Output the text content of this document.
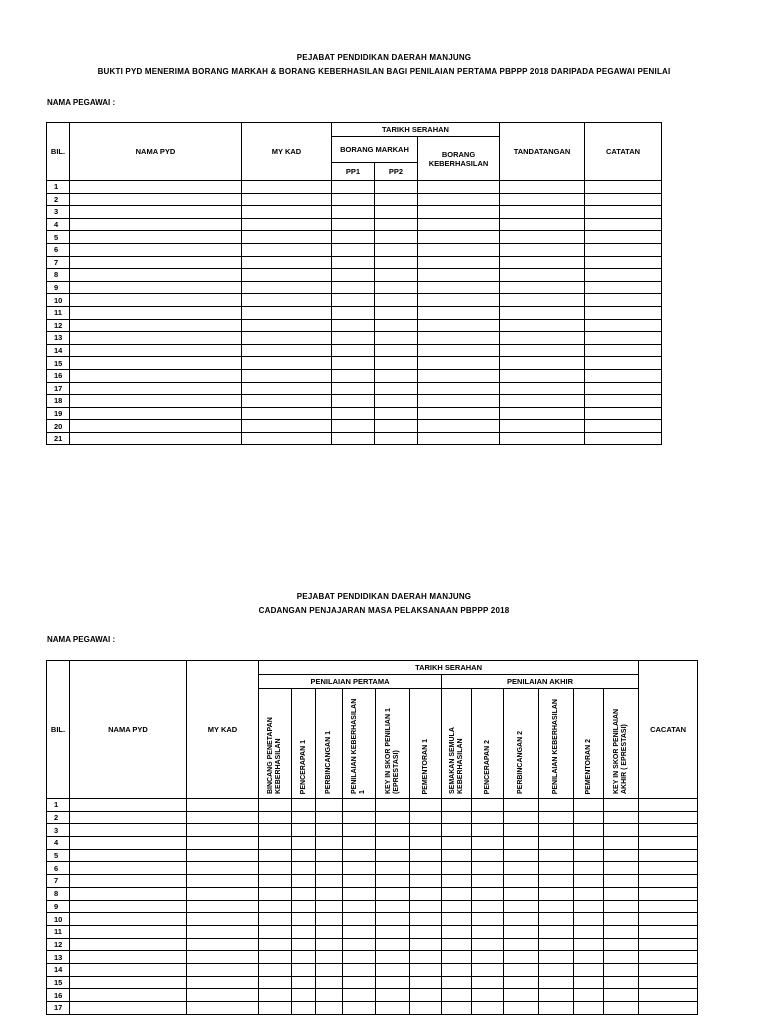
PEJABAT PENDIDIKAN DAERAH MANJUNG
BUKTI PYD MENERIMA BORANG MARKAH & BORANG KEBERHASILAN BAGI PENILAIAN PERTAMA PBPPP 2018 DARIPADA PEGAWAI PENILAI
NAMA PEGAWAI :
BIL.	NAMA PYD	MY KAD	TARIKH SERAHAN			TANDATANGAN	CATATAN
			BORANG MARKAH		BORANG KEBERHASILAN		
			PP1	PP2			
1							
2							
3							
4							
5							
6							
7							
8							
9							
10							
11							
12							
13							
14							
15							
16							
17							
18							
19							
20							
21							
PEJABAT PENDIDIKAN DAERAH MANJUNG
CADANGAN PENJAJARAN MASA PELAKSANAAN PBPPP 2018
NAMA PEGAWAI :
BIL.	NAMA PYD	MY KAD	TARIKH SERAHAN												CACATAN
			PENILAIAN PERTAMA						PENILAIAN AKHIR						
			BINCANG PENETAPAN KEBERHASILAN	PENCERAPAN 1	PERBINCANGAN 1	PENILAIAN KEBERHASILAN 1	KEY IN SKOR PENILIAN 1 (EPRESTASI)	PEMENTORAN 1	SEMAKAN SEMULA KEBERHASILAN	PENCERAPAN 2	PERBINCANGAN 2	PENILAIAN KEBERHASILAN	PEMENTORAN 2	KEY IN SKOR PENILAIAN AKHIR ( EPRESTASI)	
1															
2															
3															
4															
5															
6															
7															
8															
9															
10															
11															
12															
13															
14															
15															
16															
17															
